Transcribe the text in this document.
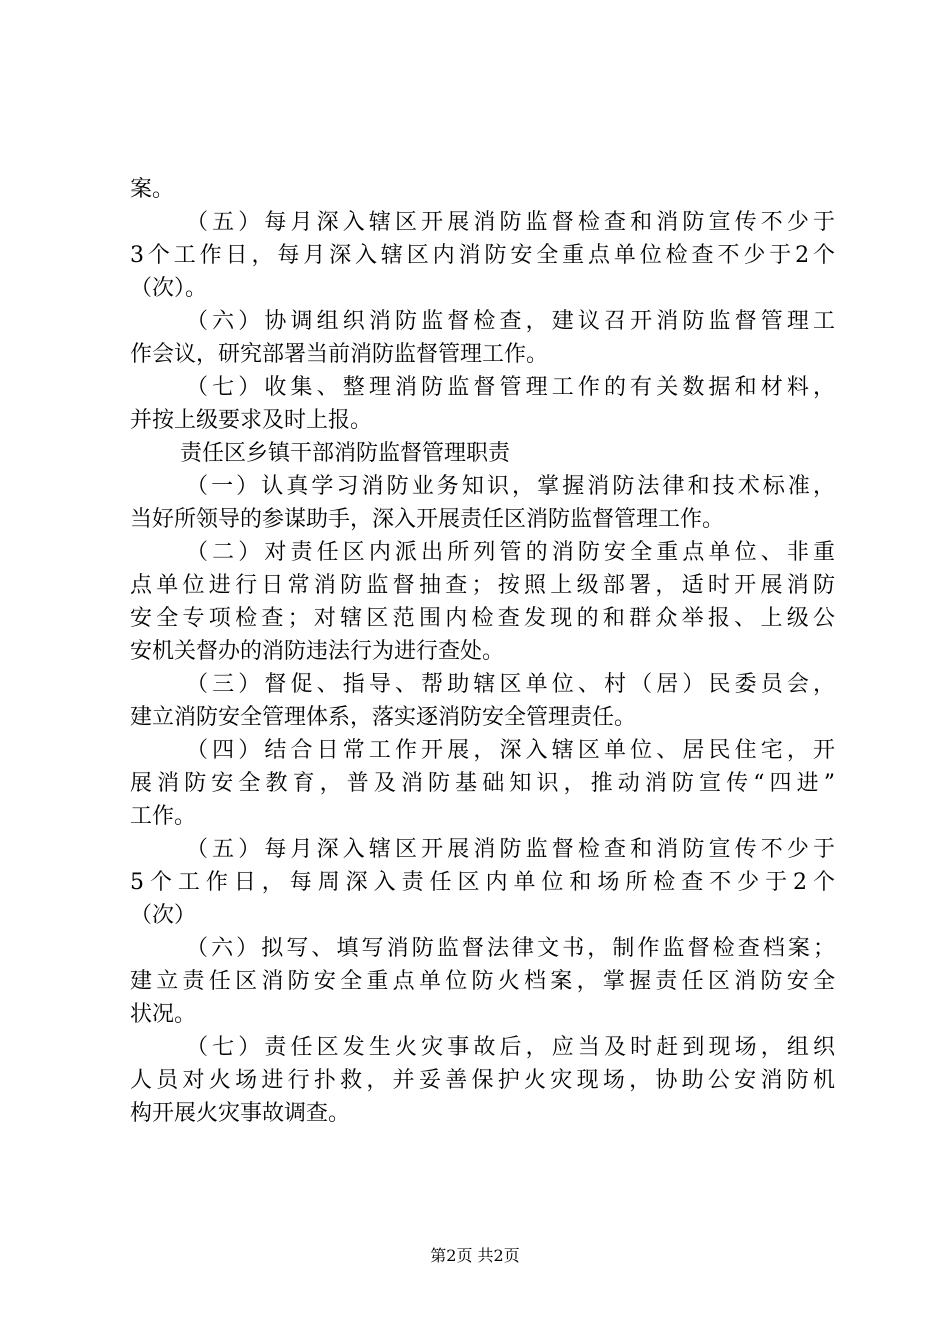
案。
（五）每月深入辖区开展消防监督检查和消防宣传不少于
3个工作日，每月深入辖区内消防安全重点单位检查不少于2个
（次）。
（六）协调组织消防监督检查，建议召开消防监督管理工
作会议，研究部署当前消防监督管理工作。
（七）收集、整理消防监督管理工作的有关数据和材料，
并按上级要求及时上报。
责任区乡镇干部消防监督管理职责
（一）认真学习消防业务知识，掌握消防法律和技术标准，
当好所领导的参谋助手，深入开展责任区消防监督管理工作。
（二）对责任区内派出所列管的消防安全重点单位、非重
点单位进行日常消防监督抽查；按照上级部署，适时开展消防
安全专项检查；对辖区范围内检查发现的和群众举报、上级公
安机关督办的消防违法行为进行查处。
（三）督促、指导、帮助辖区单位、村（居）民委员会，
建立消防安全管理体系，落实逐消防安全管理责任。
（四）结合日常工作开展，深入辖区单位、居民住宅，开
展消防安全教育，普及消防基础知识，推动消防宣传“四进”
工作。
（五）每月深入辖区开展消防监督检查和消防宣传不少于
5个工作日，每周深入责任区内单位和场所检查不少于2个
（次）
（六）拟写、填写消防监督法律文书，制作监督检查档案；
建立责任区消防安全重点单位防火档案，掌握责任区消防安全
状况。
（七）责任区发生火灾事故后，应当及时赶到现场，组织
人员对火场进行扑救，并妥善保护火灾现场，协助公安消防机
构开展火灾事故调查。
第2页 共2页
